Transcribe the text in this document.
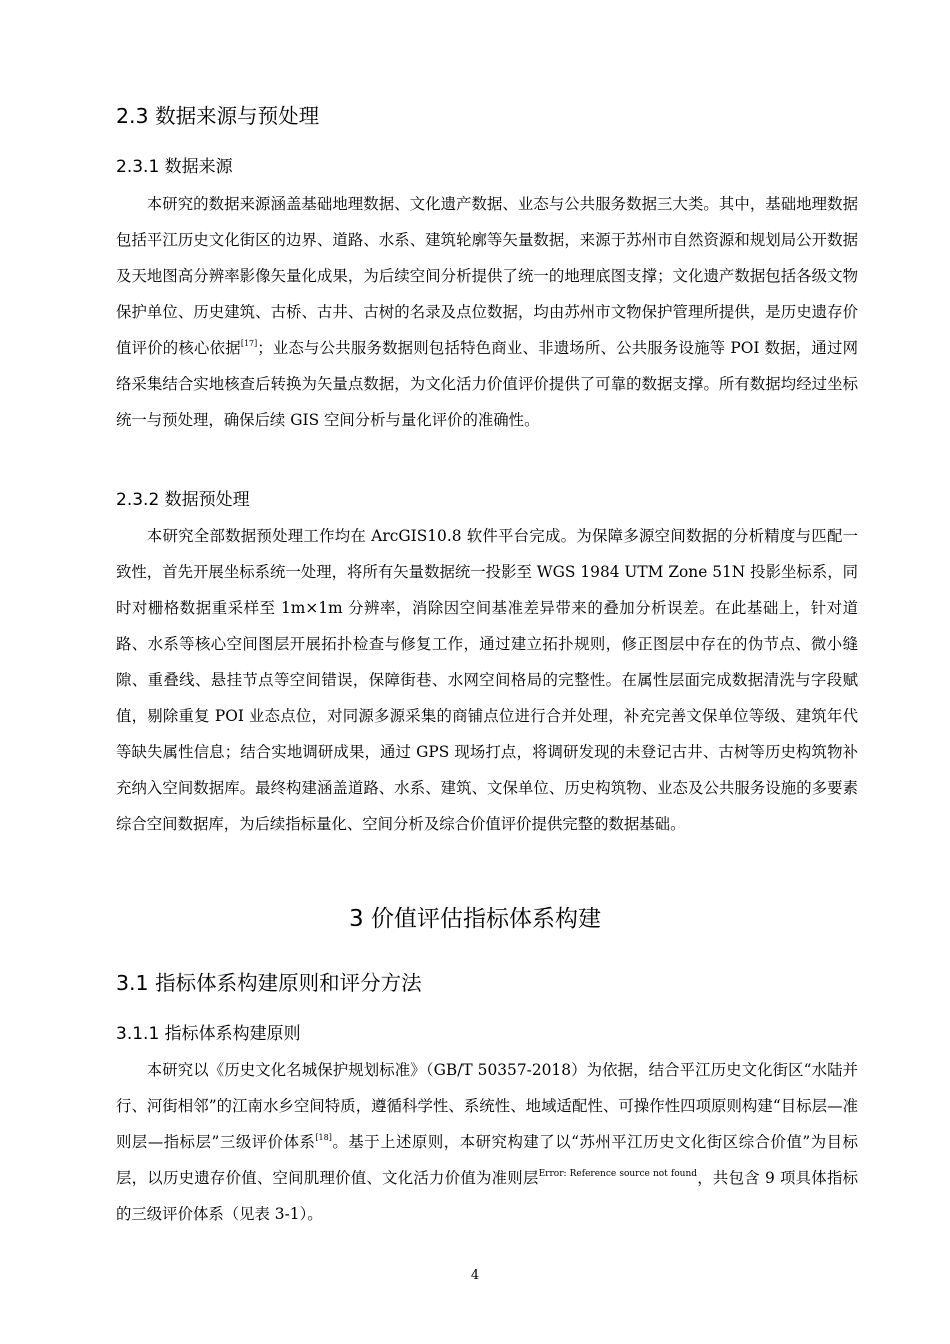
2.3 数据来源与预处理
2.3.1 数据来源

本研究的数据来源涵盖基础地理数据、文化遗产数据、业态与公共服务数据三大类。其中，基础地理数据包括平江历史文化街区的边界、道路、水系、建筑轮廓等矢量数据，来源于苏州市自然资源和规划局公开数据及天地图高分辨率影像矢量化成果，为后续空间分析提供了统一的地理底图支撑；文化遗产数据包括各级文物保护单位、历史建筑、古桥、古井、古树的名录及点位数据，均由苏州市文物保护管理所提供，是历史遗存价值评价的核心依据[17]；业态与公共服务数据则包括特色商业、非遗场所、公共服务设施等 POI 数据，通过网络采集结合实地核查后转换为矢量点数据，为文化活力价值评价提供了可靠的数据支撑。所有数据均经过坐标统一与预处理，确保后续 GIS 空间分析与量化评价的准确性。

2.3.2 数据预处理

本研究全部数据预处理工作均在 ArcGIS10.8 软件平台完成。为保障多源空间数据的分析精度与匹配一致性，首先开展坐标系统一处理，将所有矢量数据统一投影至 WGS 1984 UTM Zone 51N 投影坐标系，同时对栅格数据重采样至 1m×1m 分辨率，消除因空间基准差异带来的叠加分析误差。在此基础上，针对道路、水系等核心空间图层开展拓扑检查与修复工作，通过建立拓扑规则，修正图层中存在的伪节点、微小缝隙、重叠线、悬挂节点等空间错误，保障街巷、水网空间格局的完整性。在属性层面完成数据清洗与字段赋值，剔除重复 POI 业态点位，对同源多源采集的商铺点位进行合并处理，补充完善文保单位等级、建筑年代等缺失属性信息；结合实地调研成果，通过 GPS 现场打点，将调研发现的未登记古井、古树等历史构筑物补充纳入空间数据库。最终构建涵盖道路、水系、建筑、文保单位、历史构筑物、业态及公共服务设施的多要素综合空间数据库，为后续指标量化、空间分析及综合价值评价提供完整的数据基础。

3 价值评估指标体系构建
3.1 指标体系构建原则和评分方法
3.1.1 指标体系构建原则

本研究以《历史文化名城保护规划标准》（GB/T 50357-2018）为依据，结合平江历史文化街区“水陆并行、河街相邻”的江南水乡空间特质，遵循科学性、系统性、地域适配性、可操作性四项原则构建“目标层—准则层—指标层”三级评价体系[18]。基于上述原则，本研究构建了以“苏州平江历史文化街区综合价值”为目标层，以历史遗存价值、空间肌理价值、文化活力价值为准则层$^{Error: Reference source not found}$，共包含 9 项具体指标的三级评价体系（见表 3-1）。

4
